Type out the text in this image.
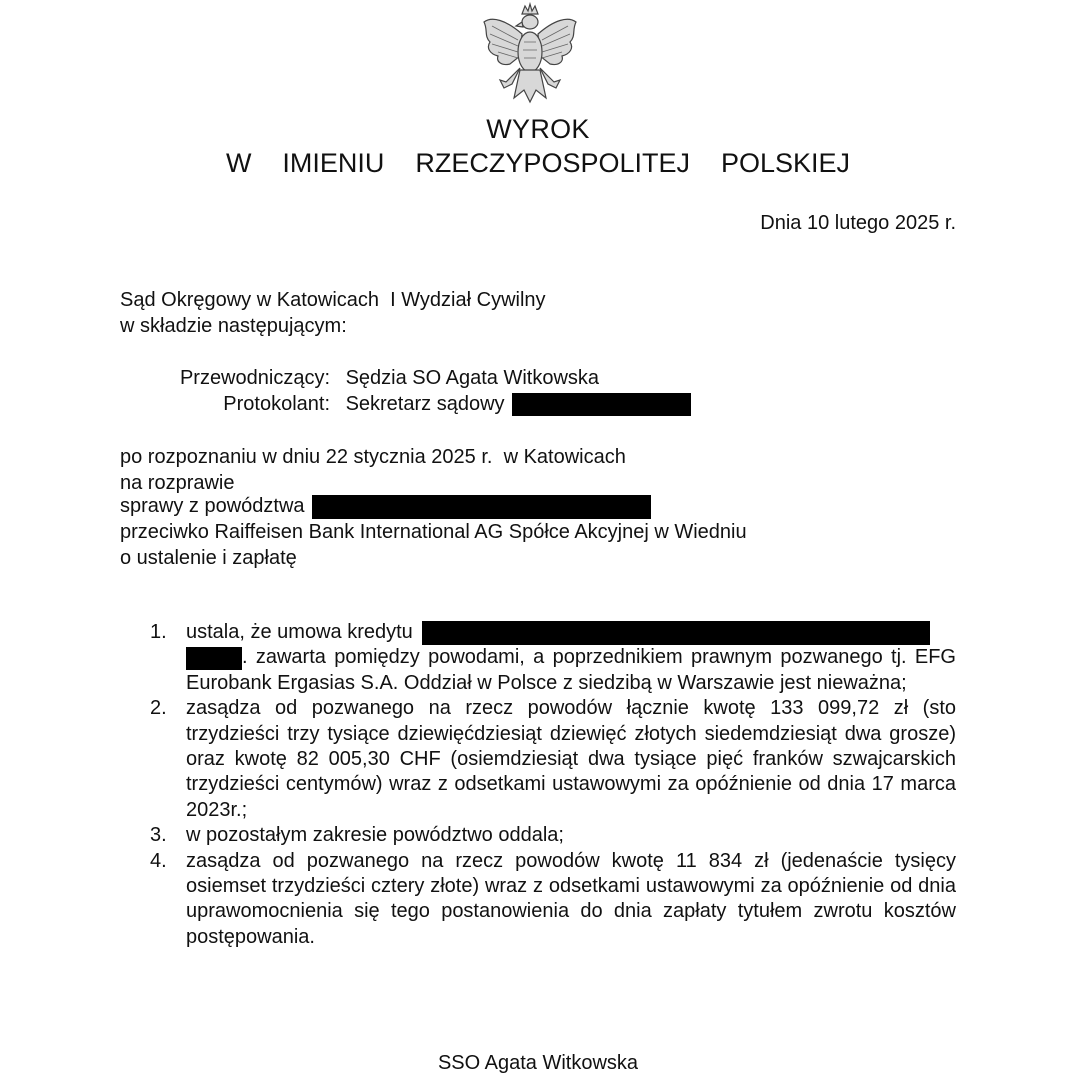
WYROK
W  IMIENIU  RZECZYPOSPOLITEJ  POLSKIEJ
Dnia 10 lutego 2025 r.
Sąd Okręgowy w Katowicach  I Wydział Cywilny
w składzie następującym:
Przewodniczący: Sędzia SO Agata Witkowska
Protokolant: Sekretarz sądowy
po rozpoznaniu w dniu 22 stycznia 2025 r.  w Katowicach
na rozprawie
sprawy z powództwa
przeciwko Raiffeisen Bank International AG Spółce Akcyjnej w Wiedniu
o ustalenie i zapłatę
1. ustala, że umowa kredytu
. zawarta pomiędzy powodami, a poprzednikiem prawnym pozwanego tj. EFG Eurobank Ergasias S.A. Oddział w Polsce z siedzibą w Warszawie jest nieważna;
2. zasądza od pozwanego na rzecz powodów łącznie kwotę 133 099,72 zł (sto trzydzieści trzy tysiące dziewięćdziesiąt dziewięć złotych siedemdziesiąt dwa grosze) oraz kwotę 82 005,30 CHF (osiemdziesiąt dwa tysiące pięć franków szwajcarskich trzydzieści centymów) wraz z odsetkami ustawowymi za opóźnienie od dnia 17 marca 2023r.;
3. w pozostałym zakresie powództwo oddala;
4. zasądza od pozwanego na rzecz powodów kwotę 11 834 zł (jedenaście tysięcy osiemset trzydzieści cztery złote) wraz z odsetkami ustawowymi za opóźnienie od dnia uprawomocnienia się tego postanowienia do dnia zapłaty tytułem zwrotu kosztów postępowania.
SSO Agata Witkowska
